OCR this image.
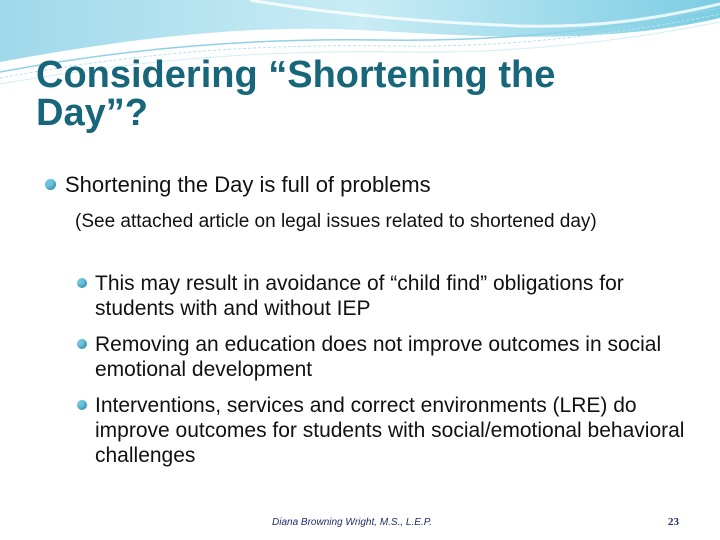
Considering “Shortening the
Day”?
Shortening the Day is full of problems
(See attached article on legal issues related to shortened day)
This may result in avoidance of “child find” obligations for students with and without IEP
Removing an education does not improve outcomes in social emotional development
Interventions, services and correct environments (LRE) do improve outcomes for students with social/emotional behavioral challenges
Diana Browning Wright, M.S., L.E.P.	23
